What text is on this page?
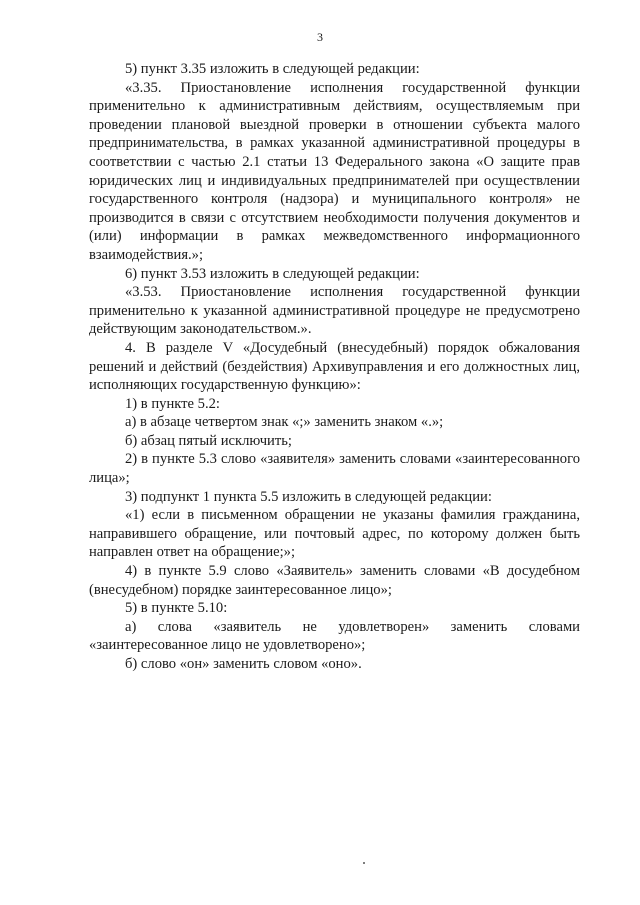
3

5) пункт 3.35 изложить в следующей редакции:

«3.35. Приостановление исполнения государственной функции применительно к административным действиям, осуществляемым при проведении плановой выездной проверки в отношении субъекта малого предпринимательства, в рамках указанной административной процедуры в соответствии с частью 2.1 статьи 13 Федерального закона «О защите прав юридических лиц и индивидуальных предпринимателей при осуществлении государственного контроля (надзора) и муниципального контроля» не производится в связи с отсутствием необходимости получения документов и (или) информации в рамках межведомственного информационного взаимодействия.»;

6) пункт 3.53 изложить в следующей редакции:

«3.53. Приостановление исполнения государственной функции применительно к указанной административной процедуре не предусмотрено действующим законодательством.».

4. В разделе V «Досудебный (внесудебный) порядок обжалования решений и действий (бездействия) Архивуправления и его должностных лиц, исполняющих государственную функцию»:

1) в пункте 5.2:

а) в абзаце четвертом знак «;» заменить знаком «.»;

б) абзац пятый исключить;

2) в пункте 5.3 слово «заявителя» заменить словами «заинтересованного лица»;

3) подпункт 1 пункта 5.5 изложить в следующей редакции:

«1) если в письменном обращении не указаны фамилия гражданина, направившего обращение, или почтовый адрес, по которому должен быть направлен ответ на обращение;»;

4) в пункте 5.9 слово «Заявитель» заменить словами «В досудебном (внесудебном) порядке заинтересованное лицо»;

5) в пункте 5.10:

а) слова «заявитель не удовлетворен» заменить словами «заинтересованное лицо не удовлетворено»;

б) слово «он» заменить словом «оно».
